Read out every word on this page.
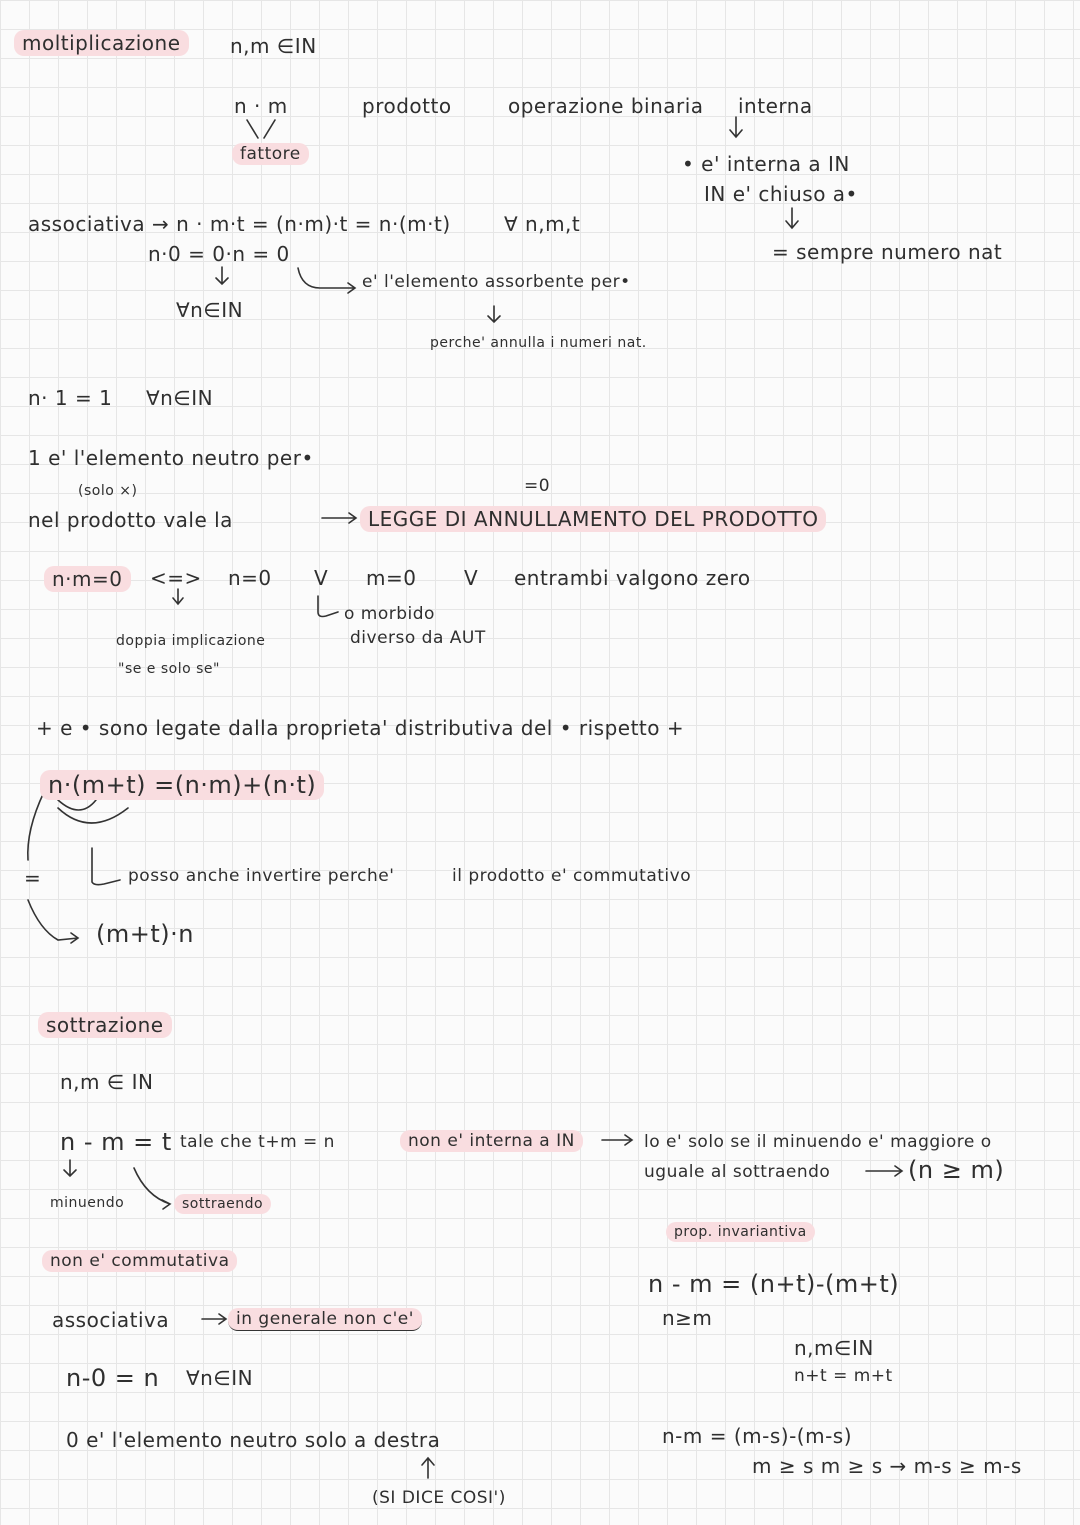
moltiplicazione	n,m ∈IN
n · m	prodotto	operazione binaria interna
fattore	• e' interna a IN
IN e' chiuso a•
= sempre numero nat
associativa → n · m·t = (n·m)·t = n·(m·t)	∀ n,m,t
n·0 = 0·n = 0
∀n∈IN
e' l'elemento assorbente per•
perche' annulla i numeri nat.
n· 1 = 1 ∀n∈IN
1 e' l'elemento neutro per•
(solo ×)	=0
nel prodotto vale la	LEGGE DI ANNULLAMENTO DEL PRODOTTO
n·m=0	<=> n=0 V m=0 V entrambi valgono zero
o morbido
diverso da AUT
doppia implicazione
"se e solo se"
+ e • sono legate dalla proprieta' distributiva del • rispetto +
n·(m+t) =(n·m)+(n·t)
=	posso anche invertire perche'	il prodotto e' commutativo
(m+t)·n
sottrazione
n,m ∈ IN
n - m = t tale che t+m = n	non e' interna a IN	lo e' solo se il minuendo e' maggiore o
uguale al sottraendo	(n ≥ m)
minuendo	sottraendo
prop. invariantiva
non e' commutativa
n - m = (n+t)-(m+t)
n≥m
associativa	in generale non c'e'
n,m∈IN
n+t = m+t
n-0 = n ∀n∈IN
0 e' l'elemento neutro solo a destra	n-m = (m-s)-(m-s)
m ≥ s m ≥ s → m-s ≥ m-s
(SI DICE COSI')
